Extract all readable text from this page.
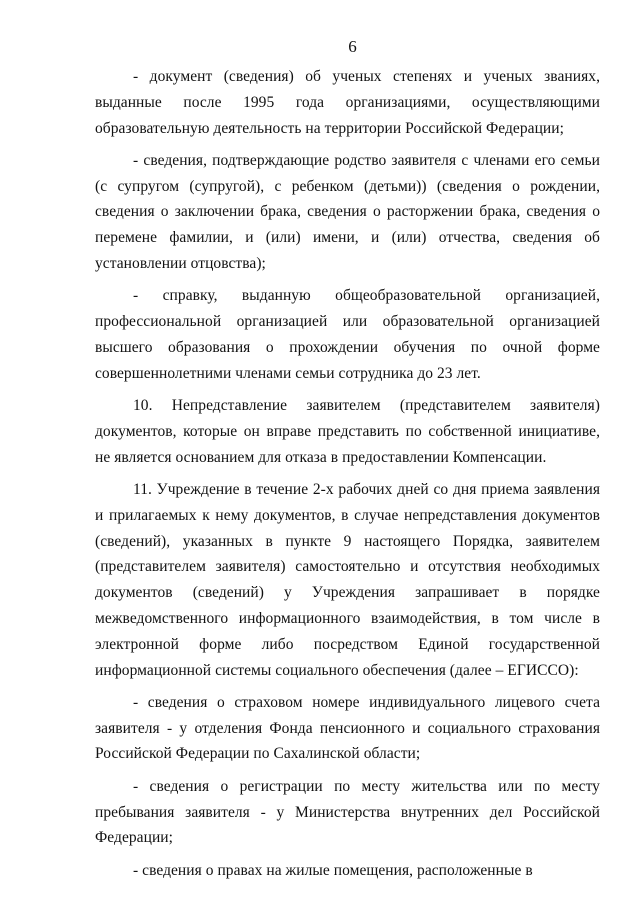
6

- документ (сведения) об ученых степенях и ученых званиях, выданные после 1995 года организациями, осуществляющими образовательную деятельность на территории Российской Федерации;

- сведения, подтверждающие родство заявителя с членами его семьи (с супругом (супругой), с ребенком (детьми)) (сведения о рождении, сведения о заключении брака, сведения о расторжении брака, сведения о перемене фамилии, и (или) имени, и (или) отчества, сведения об установлении отцовства);

- справку, выданную общеобразовательной организацией, профессиональной организацией или образовательной организацией высшего образования о прохождении обучения по очной форме совершеннолетними членами семьи сотрудника до 23 лет.

10. Непредставление заявителем (представителем заявителя) документов, которые он вправе представить по собственной инициативе, не является основанием для отказа в предоставлении Компенсации.

11. Учреждение в течение 2-х рабочих дней со дня приема заявления и прилагаемых к нему документов, в случае непредставления документов (сведений), указанных в пункте 9 настоящего Порядка, заявителем (представителем заявителя) самостоятельно и отсутствия необходимых документов (сведений) у Учреждения запрашивает в порядке межведомственного информационного взаимодействия, в том числе в электронной форме либо посредством Единой государственной информационной системы социального обеспечения (далее – ЕГИССО):

- сведения о страховом номере индивидуального лицевого счета заявителя - у отделения Фонда пенсионного и социального страхования Российской Федерации по Сахалинской области;

- сведения о регистрации по месту жительства или по месту пребывания заявителя - у Министерства внутренних дел Российской Федерации;

- сведения о правах на жилые помещения, расположенные в
